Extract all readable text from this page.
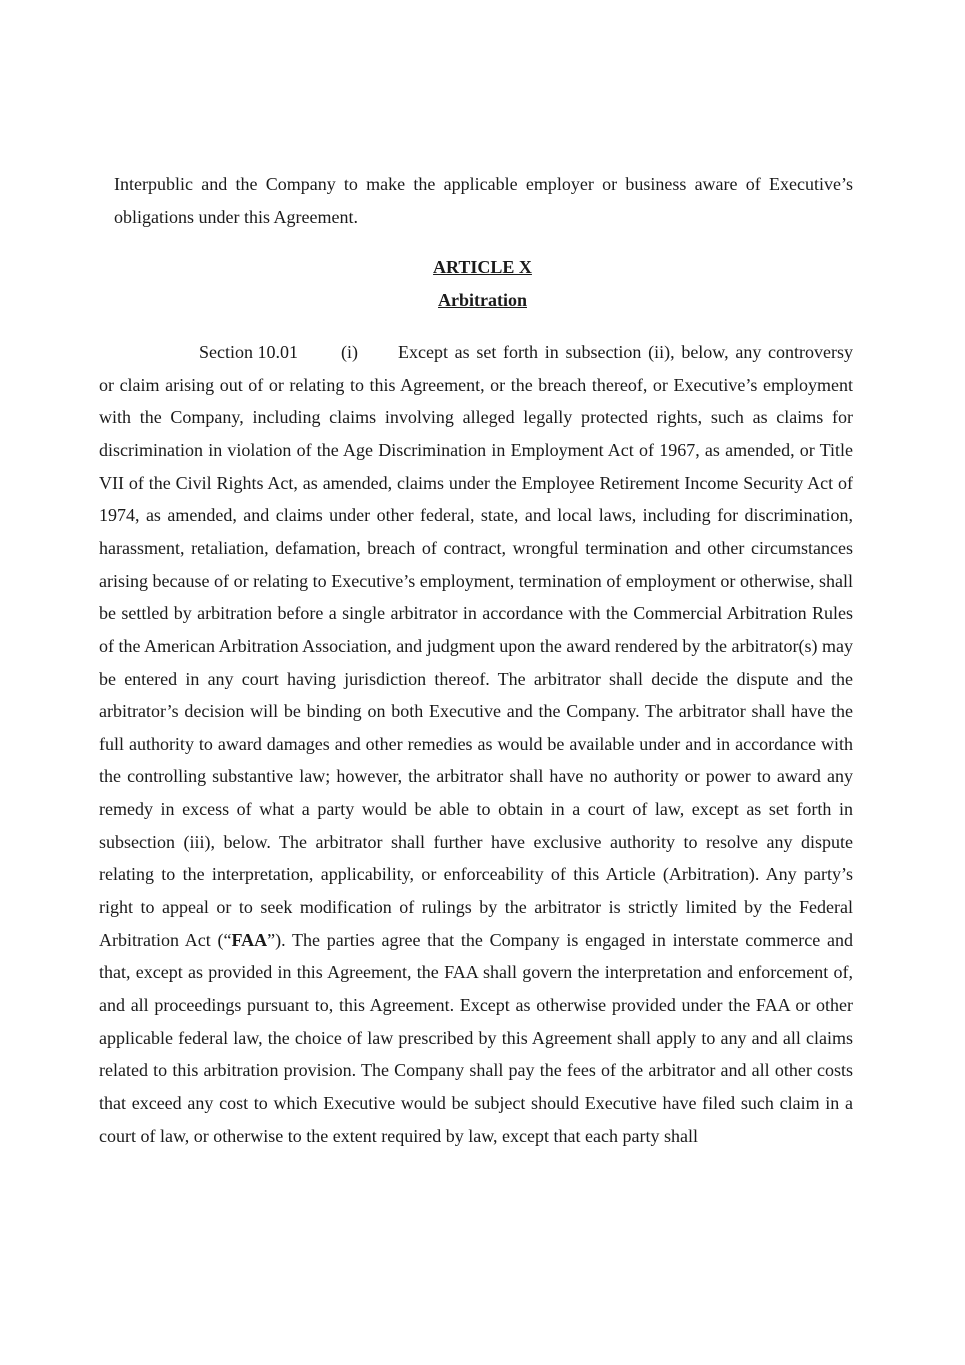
Interpublic and the Company to make the applicable employer or business aware of Executive’s obligations under this Agreement.

ARTICLE X
Arbitration
Section 10.01 (i) Except as set forth in subsection (ii), below, any controversy

or claim arising out of or relating to this Agreement, or the breach thereof, or Executive’s employment with the Company, including claims involving alleged legally protected rights, such as claims for discrimination in violation of the Age Discrimination in Employment Act of 1967, as amended, or Title VII of the Civil Rights Act, as amended, claims under the Employee Retirement Income Security Act of 1974, as amended, and claims under other federal, state, and local laws, including for discrimination, harassment, retaliation, defamation, breach of contract, wrongful termination and other circumstances arising because of or relating to Executive’s employment, termination of employment or otherwise, shall be settled by arbitration before a single arbitrator in accordance with the Commercial Arbitration Rules of the American Arbitration Association, and judgment upon the award rendered by the arbitrator(s) may be entered in any court having jurisdiction thereof. The arbitrator shall decide the dispute and the arbitrator’s decision will be binding on both Executive and the Company. The arbitrator shall have the full authority to award damages and other remedies as would be available under and in accordance with the controlling substantive law; however, the arbitrator shall have no authority or power to award any remedy in excess of what a party would be able to obtain in a court of law, except as set forth in subsection (iii), below. The arbitrator shall further have exclusive authority to resolve any dispute relating to the interpretation, applicability, or enforceability of this Article (Arbitration). Any party’s right to appeal or to seek modification of rulings by the arbitrator is strictly limited by the Federal Arbitration Act (“FAA”). The parties agree that the Company is engaged in interstate commerce and that, except as provided in this Agreement, the FAA shall govern the interpretation and enforcement of, and all proceedings pursuant to, this Agreement. Except as otherwise provided under the FAA or other applicable federal law, the choice of law prescribed by this Agreement shall apply to any and all claims related to this arbitration provision. The Company shall pay the fees of the arbitrator and all other costs that exceed any cost to which Executive would be subject should Executive have filed such claim in a court of law, or otherwise to the extent required by law, except that each party shall
